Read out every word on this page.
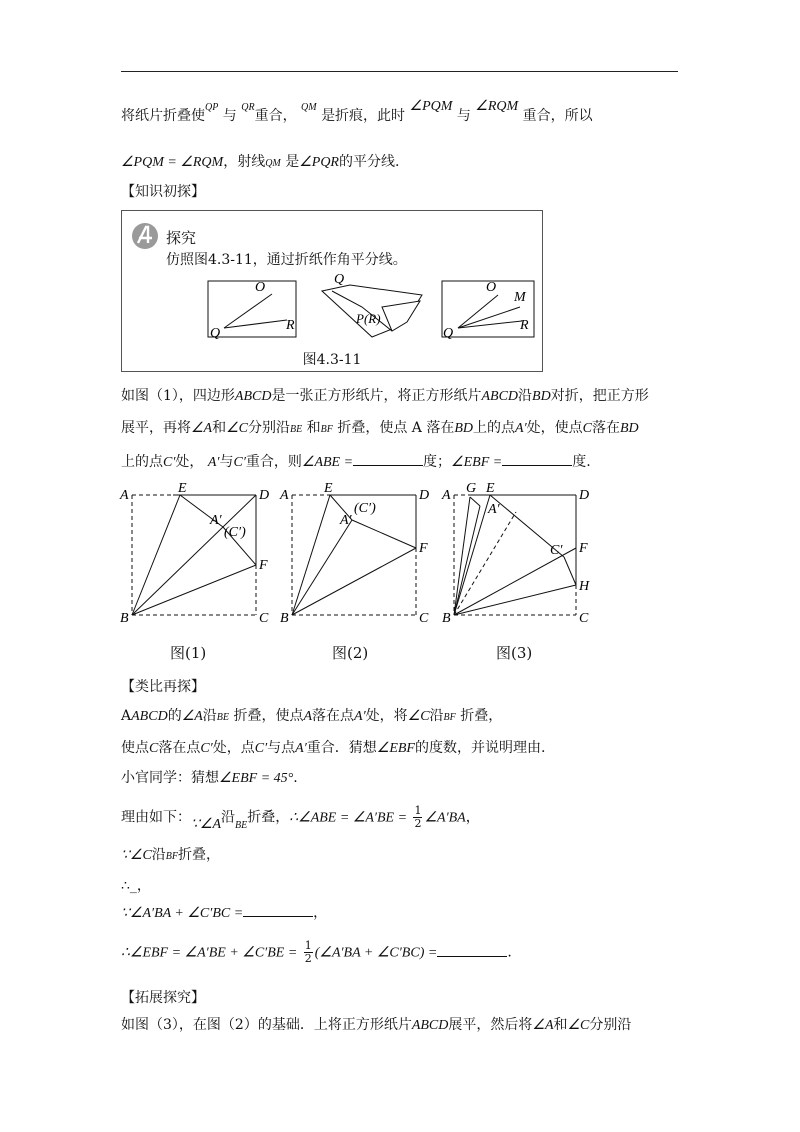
将纸片折叠使$^{QP}$ 与 $^{QR}$重合， $^{QM}$ 是折痕，此时 ∠PQM 与 ∠RQM 重合，所以
∠PQM = ∠RQM，射线QM 是∠PQR的平分线.
【知识初探】
探究
仿照图4.3-11，通过折纸作角平分线。
O
Q
R
Q
P(R)
O
M
Q
R
图4.3-11
如图（1），四边形ABCD是一张正方形纸片，将正方形纸片ABCD沿BD对折，把正方形
展平，再将∠A和∠C分别沿BE 和BF 折叠，使点 A 落在BD上的点A′处，使点C落在BD
上的点C′处， A′与C′重合，则∠ABE =	度；∠EBF =	度.
A	E	D
A′
(C′)
F
B	C
A	E	D
A′
(C′)
F
B	C
A G E	D
A′
C′ F
H
B	C
图(1)	图(2)	图(3)
【类比再探】
AABCD的∠A沿BE 折叠，使点A落在点A′处，将∠C沿BF 折叠，
使点C落在点C′处，点C′与点A′重合．猜想∠EBF的度数，并说明理由.
小官同学：猜想∠EBF = 45°.
理由如下：∵∠A沿$_{BE}$折叠，∴∠ABE = ∠A′BE = $\frac{1}{2}$ ∠A′BA，
∵∠C沿BF折叠，
∴_，
∵∠A′BA + ∠C′BC =	，
∴∠EBF = ∠A′BE + ∠C′BE = $\frac{1}{2}$ (∠A′BA + ∠C′BC) =	.
【拓展探究】
如图（3），在图（2）的基础．上将正方形纸片ABCD展平，然后将∠A和∠C分别沿
